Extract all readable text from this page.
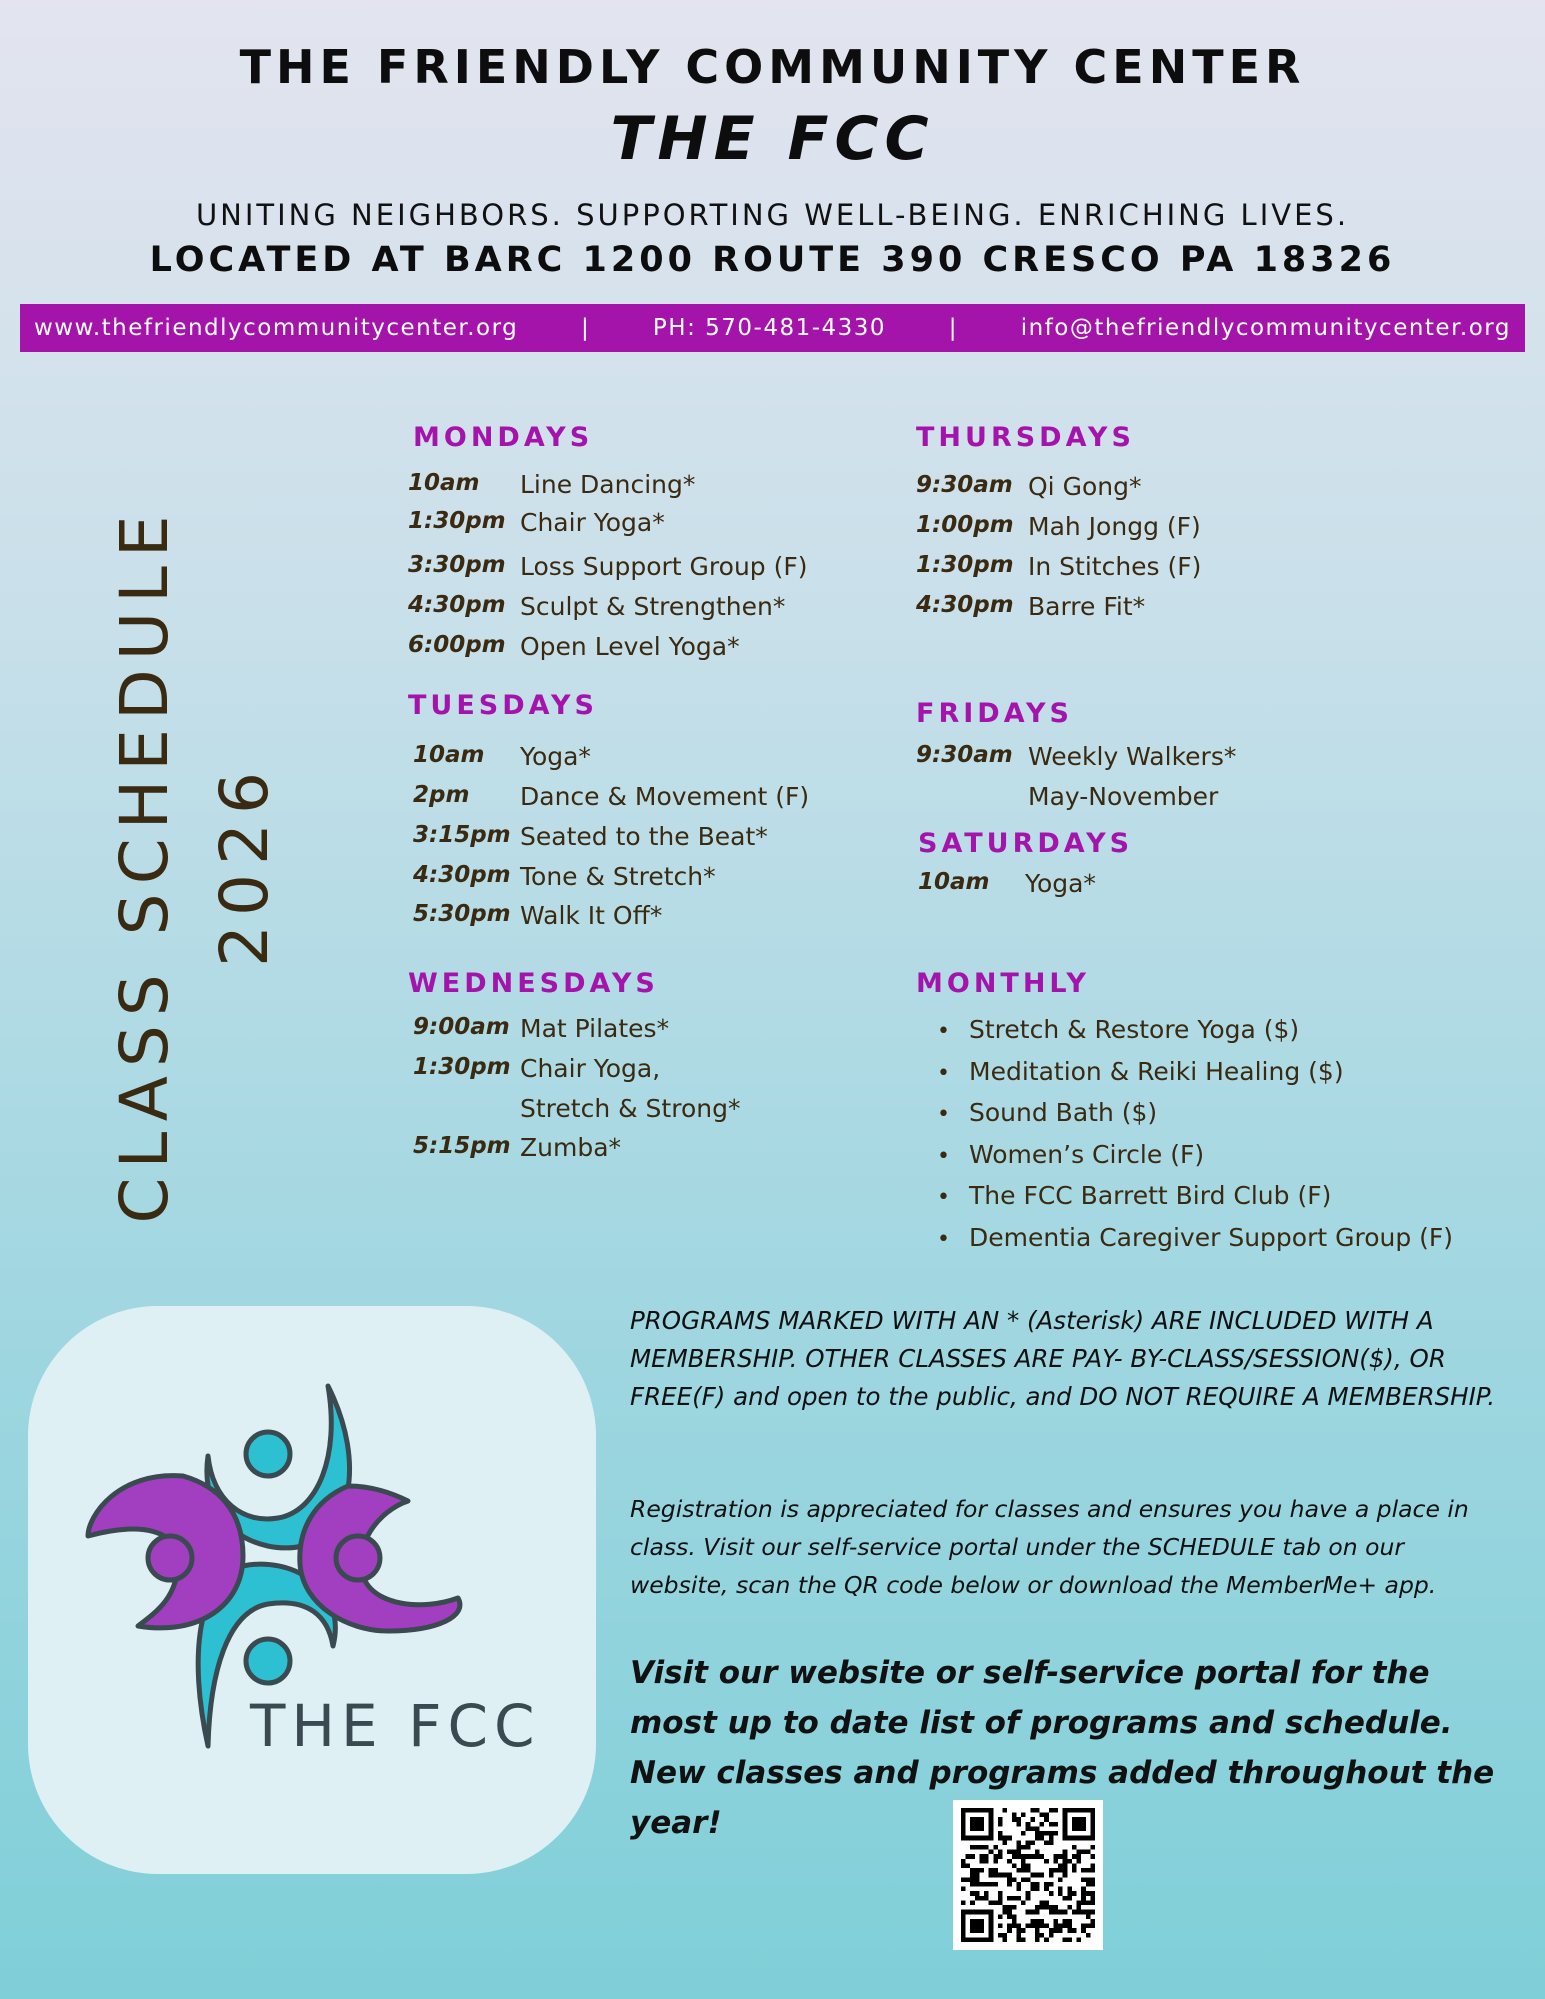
THE FRIENDLY COMMUNITY CENTER
THE FCC
UNITING NEIGHBORS. SUPPORTING WELL-BEING. ENRICHING LIVES.
LOCATED AT BARC 1200 ROUTE 390 CRESCO PA 18326
www.thefriendlycommunitycenter.org	|	PH: 570-481-4330	|	info@thefriendlycommunitycenter.org
CLASS SCHEDULE 2026
MONDAYS
10am	Line Dancing*
1:30pm Chair Yoga*
3:30pm Loss Support Group (F)
4:30pm Sculpt & Strengthen*
6:00pm Open Level Yoga*
TUESDAYS
10am	Yoga*
2pm	Dance & Movement (F)
3:15pm Seated to the Beat*
4:30pm Tone & Stretch*
5:30pm Walk It Off*
WEDNESDAYS
9:00am Mat Pilates*
1:30pm Chair Yoga,
Stretch & Strong*
5:15pm Zumba*
THURSDAYS
9:30am Qi Gong*
1:00pm Mah Jongg (F)
1:30pm In Stitches (F)
4:30pm Barre Fit*
FRIDAYS
9:30am Weekly Walkers*
May-November
SATURDAYS
10am	Yoga*
MONTHLY
• Stretch & Restore Yoga ($)
• Meditation & Reiki Healing ($)
• Sound Bath ($)
• Women’s Circle (F)
• The FCC Barrett Bird Club (F)
• Dementia Caregiver Support Group (F)
THE FCC
PROGRAMS MARKED WITH AN * (Asterisk) ARE INCLUDED WITH A MEMBERSHIP. OTHER CLASSES ARE PAY- BY-CLASS/SESSION($), OR FREE(F) and open to the public, and DO NOT REQUIRE A MEMBERSHIP.
Registration is appreciated for classes and ensures you have a place in class. Visit our self-service portal under the SCHEDULE tab on our website, scan the QR code below or download the MemberMe+ app.
Visit our website or self-service portal for the most up to date list of programs and schedule.
New classes and programs added throughout the year!
